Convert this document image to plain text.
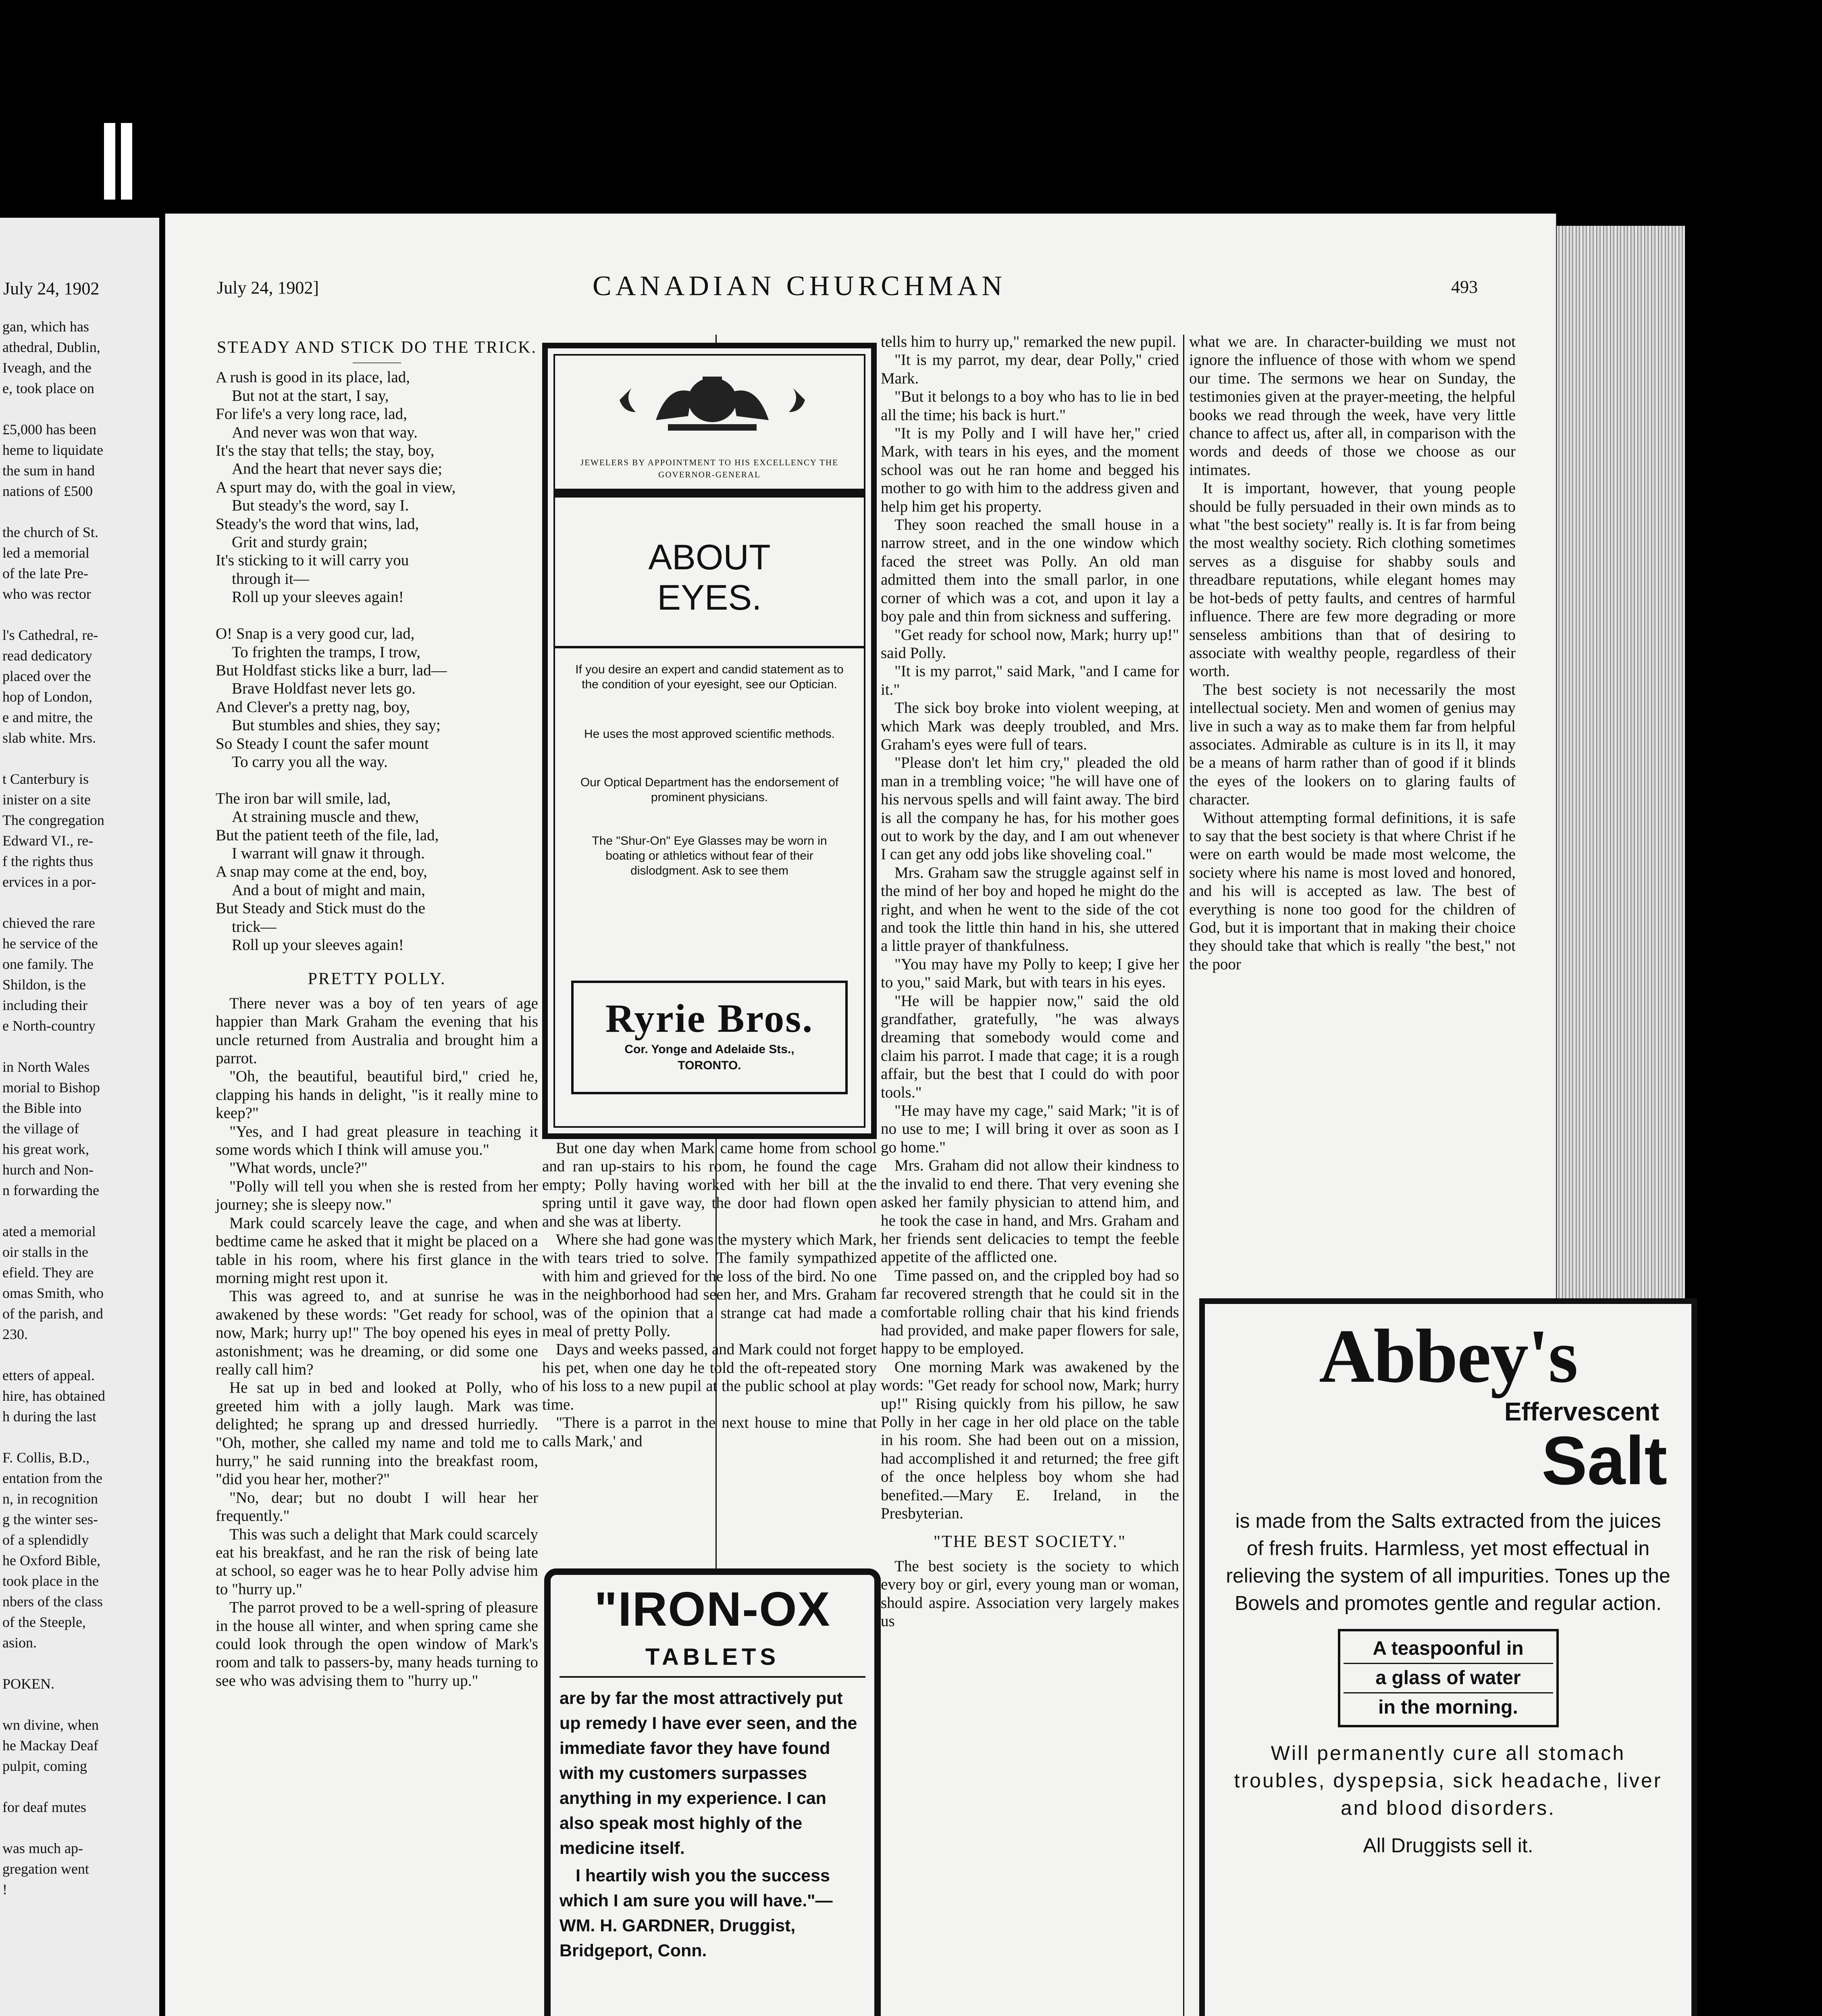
July 24, 1902
gan, which has
athedral, Dublin,
Iveagh, and the
e, took place on
£5,000 has been
heme to liquidate
the sum in hand
nations of £500
the church of St.
led a memorial
of the late Pre-
who was rector
l's Cathedral, re-
read dedicatory
placed over the
hop of London,
e and mitre, the
slab white. Mrs.
t Canterbury is
inister on a site
The congregation
Edward VI., re-
f the rights thus
ervices in a por-
chieved the rare
he service of the
one family. The
Shildon, is the
including their
e North-country
in North Wales
morial to Bishop
the Bible into
the village of
his great work,
hurch and Non-
n forwarding the
ated a memorial
oir stalls in the
efield. They are
omas Smith, who
of the parish, and
230.
etters of appeal.
hire, has obtained
h during the last
F. Collis, B.D.,
entation from the
n, in recognition
g the winter ses-
of a splendidly
he Oxford Bible,
took place in the
nbers of the class
of the Steeple,
asion.
POKEN.
wn divine, when
he Mackay Deaf
pulpit, coming
for deaf mutes
was much ap-
gregation went
!
July 24, 1902]	CANADIAN CHURCHMAN	493

STEADY AND STICK DO THE TRICK.

A rush is good in its place, lad,
But not at the start, I say,
For life's a very long race, lad,
And never was won that way.
It's the stay that tells; the stay, boy,
And the heart that never says die;
A spurt may do, with the goal in view,
But steady's the word, say I.
Steady's the word that wins, lad,
Grit and sturdy grain;
It's sticking to it will carry you
through it—
Roll up your sleeves again!

O! Snap is a very good cur, lad,
To frighten the tramps, I trow,
But Holdfast sticks like a burr, lad—
Brave Holdfast never lets go.
And Clever's a pretty nag, boy,
But stumbles and shies, they say;
So Steady I count the safer mount
To carry you all the way.

The iron bar will smile, lad,
At straining muscle and thew,
But the patient teeth of the file, lad,
I warrant will gnaw it through.
A snap may come at the end, boy,
And a bout of might and main,
But Steady and Stick must do the
trick—
Roll up your sleeves again!

PRETTY POLLY.

There never was a boy of ten years of age happier than Mark Graham the evening that his uncle returned from Australia and brought him a parrot.

"Oh, the beautiful, beautiful bird," cried he, clapping his hands in delight, "is it really mine to keep?"

"Yes, and I had great pleasure in teaching it some words which I think will amuse you."

"What words, uncle?"

"Polly will tell you when she is rested from her journey; she is sleepy now."

Mark could scarcely leave the cage, and when bedtime came he asked that it might be placed on a table in his room, where his first glance in the morning might rest upon it.

This was agreed to, and at sunrise he was awakened by these words: "Get ready for school, now, Mark; hurry up!" The boy opened his eyes in astonishment; was he dreaming, or did some one really call him?

He sat up in bed and looked at Polly, who greeted him with a jolly laugh. Mark was delighted; he sprang up and dressed hurriedly. "Oh, mother, she called my name and told me to hurry," he said running into the breakfast room, "did you hear her, mother?"

"No, dear; but no doubt I will hear her frequently."

This was such a delight that Mark could scarcely eat his breakfast, and he ran the risk of being late at school, so eager was he to hear Polly advise him to "hurry up."

The parrot proved to be a well-spring of pleasure in the house all winter, and when spring came she could look through the open window of Mark's room and talk to passers-by, many heads turning to see who was advising them to "hurry up."

But one day when Mark came home from school and ran up-stairs to his room, he found the cage empty; Polly having worked with her bill at the spring until it gave way, the door had flown open and she was at liberty.

Where she had gone was the mystery which Mark, with tears tried to solve. The family sympathized with him and grieved for the loss of the bird. No one in the neighborhood had seen her, and Mrs. Graham was of the opinion that a strange cat had made a meal of pretty Polly.

Days and weeks passed, and Mark could not forget his pet, when one day he told the oft-repeated story of his loss to a new pupil at the public school at play time.

"There is a parrot in the next house to mine that calls Mark,' and

tells him to hurry up," remarked the new pupil.

"It is my parrot, my dear, dear Polly," cried Mark.

"But it belongs to a boy who has to lie in bed all the time; his back is hurt."

"It is my Polly and I will have her," cried Mark, with tears in his eyes, and the moment school was out he ran home and begged his mother to go with him to the address given and help him get his property.

They soon reached the small house in a narrow street, and in the one window which faced the street was Polly. An old man admitted them into the small parlor, in one corner of which was a cot, and upon it lay a boy pale and thin from sickness and suffering.

"Get ready for school now, Mark; hurry up!" said Polly.

"It is my parrot," said Mark, "and I came for it."

The sick boy broke into violent weeping, at which Mark was deeply troubled, and Mrs. Graham's eyes were full of tears.

"Please don't let him cry," pleaded the old man in a trembling voice; "he will have one of his nervous spells and will faint away. The bird is all the company he has, for his mother goes out to work by the day, and I am out whenever I can get any odd jobs like shoveling coal."

Mrs. Graham saw the struggle against self in the mind of her boy and hoped he might do the right, and when he went to the side of the cot and took the little thin hand in his, she uttered a little prayer of thankfulness.

"You may have my Polly to keep; I give her to you," said Mark, but with tears in his eyes.

"He will be happier now," said the old grandfather, gratefully, "he was always dreaming that somebody would come and claim his parrot. I made that cage; it is a rough affair, but the best that I could do with poor tools."

"He may have my cage," said Mark; "it is of no use to me; I will bring it over as soon as I go home."

Mrs. Graham did not allow their kindness to the invalid to end there. That very evening she asked her family physician to attend him, and he took the case in hand, and Mrs. Graham and her friends sent delicacies to tempt the feeble appetite of the afflicted one.

Time passed on, and the crippled boy had so far recovered strength that he could sit in the comfortable rolling chair that his kind friends had provided, and make paper flowers for sale, happy to be employed.

One morning Mark was awakened by the words: "Get ready for school now, Mark; hurry up!" Rising quickly from his pillow, he saw Polly in her cage in her old place on the table in his room. She had been out on a mission, had accomplished it and returned; the free gift of the once helpless boy whom she had benefited.—Mary E. Ireland, in the Presbyterian.

"THE BEST SOCIETY."

The best society is the society to which every boy or girl, every young man or woman, should aspire. Association very largely makes us

what we are. In character-building we must not ignore the influence of those with whom we spend our time. The sermons we hear on Sunday, the testimonies given at the prayer-meeting, the helpful books we read through the week, have very little chance to affect us, after all, in comparison with the words and deeds of those we choose as our intimates.

It is important, however, that young people should be fully persuaded in their own minds as to what "the best society" really is. It is far from being the most wealthy society. Rich clothing sometimes serves as a disguise for shabby souls and threadbare reputations, while elegant homes may be hot-beds of petty faults, and centres of harmful influence. There are few more degrading or more senseless ambitions than that of desiring to associate with wealthy people, regardless of their worth.

The best society is not necessarily the most intellectual society. Men and women of genius may live in such a way as to make them far from helpful associates. Admirable as culture is in its ll, it may be a means of harm rather than of good if it blinds the eyes of the lookers on to glaring faults of character.

Without attempting formal definitions, it is safe to say that the best society is that where Christ if he were on earth would be made most welcome, the society where his name is most loved and honored, and his will is accepted as law. The best of everything is none too good for the children of God, but it is important that in making their choice they should take that which is really "the best," not the poor

JEWELERS BY APPOINTMENT TO HIS EXCELLENCY THE GOVERNOR-GENERAL
ABOUT
EYES.
If you desire an expert and candid statement as to the condition of your eyesight, see our Optician.
He uses the most approved scientific methods.
Our Optical Department has the endorsement of prominent physicians.
The "Shur-On" Eye Glasses may be worn in boating or athletics without fear of their dislodgment. Ask to see them
Ryrie Bros.
Cor. Yonge and Adelaide Sts.,
TORONTO.
"IRON-OX
TABLETS
are by far the most attractively put up remedy I have ever seen, and the immediate favor they have found with my customers surpasses anything in my experience. I can also speak most highly of the medicine itself.
I heartily wish you the success which I am sure you will have."—WM. H. GARDNER, Druggist, Bridgeport, Conn.
Abbey's
Effervescent
Salt
is made from the Salts extracted from the juices of fresh fruits. Harmless, yet most effectual in relieving the system of all impurities. Tones up the Bowels and promotes gentle and regular action.
A teaspoonful in
a glass of water
in the morning.
Will permanently cure all stomach troubles, dyspepsia, sick headache, liver and blood disorders.
All Druggists sell it.
